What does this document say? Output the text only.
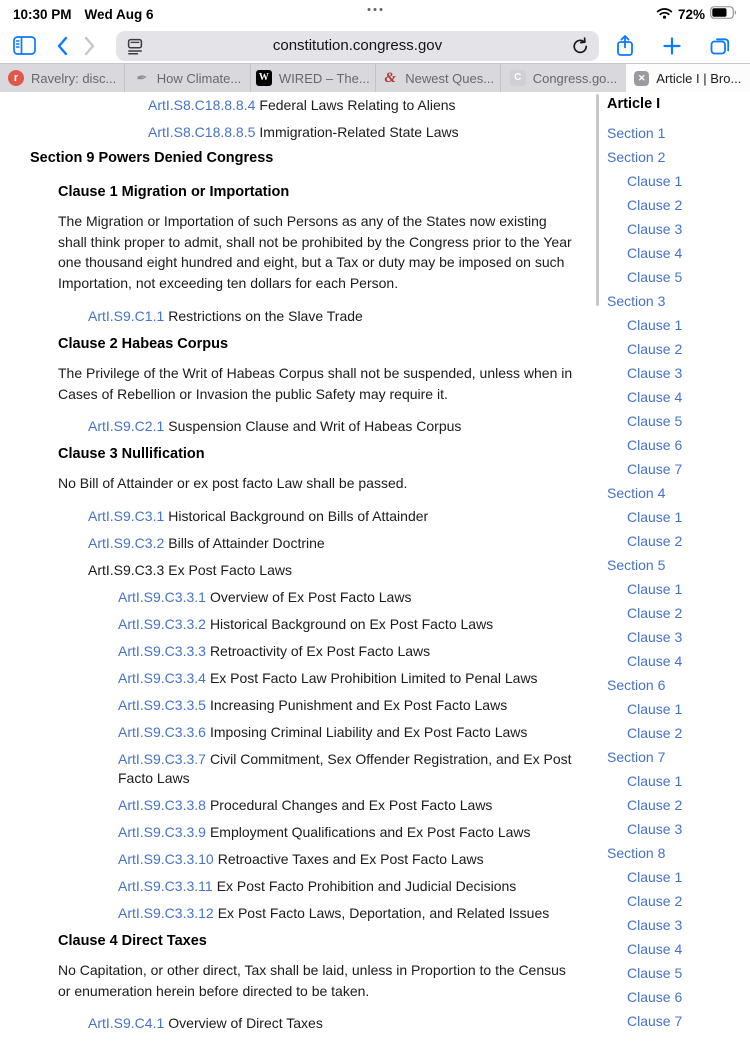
10:30 PM Wed Aug 6	72%
constitution.congress.gov
r Ravelry: disc... ✒ How Climate...	W WIRED – The... & Newest Ques...	C Congress.go...	✕ Article I | Bro...
ArtI.S8.C18.8.8.4 Federal Laws Relating to Aliens
ArtI.S8.C18.8.8.5 Immigration-Related State Laws
Section 9 Powers Denied Congress
Clause 1 Migration or Importation

The Migration or Importation of such Persons as any of the States now existing shall think proper to admit, shall not be prohibited by the Congress prior to the Year one thousand eight hundred and eight, but a Tax or duty may be imposed on such Importation, not exceeding ten dollars for each Person.

ArtI.S9.C1.1 Restrictions on the Slave Trade
Clause 2 Habeas Corpus

The Privilege of the Writ of Habeas Corpus shall not be suspended, unless when in Cases of Rebellion or Invasion the public Safety may require it.

ArtI.S9.C2.1 Suspension Clause and Writ of Habeas Corpus
Clause 3 Nullification

No Bill of Attainder or ex post facto Law shall be passed.

ArtI.S9.C3.1 Historical Background on Bills of Attainder
ArtI.S9.C3.2 Bills of Attainder Doctrine
ArtI.S9.C3.3 Ex Post Facto Laws
ArtI.S9.C3.3.1 Overview of Ex Post Facto Laws
ArtI.S9.C3.3.2 Historical Background on Ex Post Facto Laws
ArtI.S9.C3.3.3 Retroactivity of Ex Post Facto Laws
ArtI.S9.C3.3.4 Ex Post Facto Law Prohibition Limited to Penal Laws
ArtI.S9.C3.3.5 Increasing Punishment and Ex Post Facto Laws
ArtI.S9.C3.3.6 Imposing Criminal Liability and Ex Post Facto Laws
ArtI.S9.C3.3.7 Civil Commitment, Sex Offender Registration, and Ex Post Facto Laws
ArtI.S9.C3.3.8 Procedural Changes and Ex Post Facto Laws
ArtI.S9.C3.3.9 Employment Qualifications and Ex Post Facto Laws
ArtI.S9.C3.3.10 Retroactive Taxes and Ex Post Facto Laws
ArtI.S9.C3.3.11 Ex Post Facto Prohibition and Judicial Decisions
ArtI.S9.C3.3.12 Ex Post Facto Laws, Deportation, and Related Issues
Clause 4 Direct Taxes

No Capitation, or other direct, Tax shall be laid, unless in Proportion to the Census or enumeration herein before directed to be taken.

ArtI.S9.C4.1 Overview of Direct Taxes
Article I
Section 1
Section 2
Clause 1
Clause 2
Clause 3
Clause 4
Clause 5
Section 3
Clause 1
Clause 2
Clause 3
Clause 4
Clause 5
Clause 6
Clause 7
Section 4
Clause 1
Clause 2
Section 5
Clause 1
Clause 2
Clause 3
Clause 4
Section 6
Clause 1
Clause 2
Section 7
Clause 1
Clause 2
Clause 3
Section 8
Clause 1
Clause 2
Clause 3
Clause 4
Clause 5
Clause 6
Clause 7
